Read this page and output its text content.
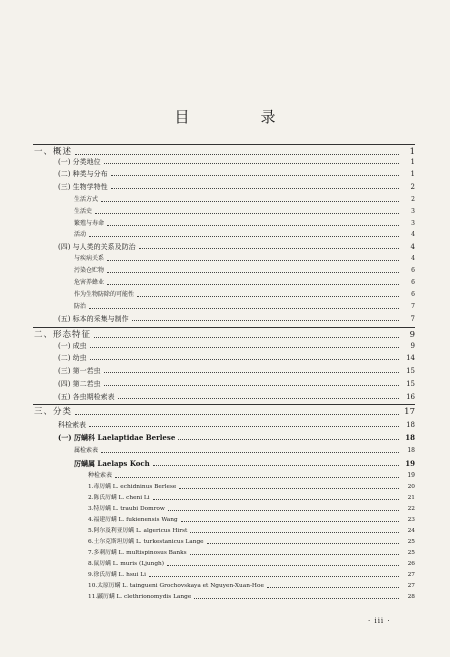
目　录
一、概述	1
(一) 分类地位	1
(二) 种类与分布	1
(三) 生物学特性	2
生活方式	2
生活史	3
繁殖与寿命	3
活动	4
(四) 与人类的关系及防治	4
与疾病关系	4
污染仓贮物	6
危害养蜂业	6
作为生物防除的可能性	6
防治	7
(五) 标本的采集与制作	7
二、形态特征	9
(一) 成虫	9
(二) 幼虫	14
(三) 第一若虫	15
(四) 第二若虫	15
(五) 各虫期检索表	16
三、分类	17
科检索表	18
(一) 厉螨科 Laelaptidae Berlese	18
属检索表	18
厉螨属 Laelaps Koch	19
种检索表	19
1.毒厉螨 L. echidninus Berlese	20
2.陈氏厉螨 L. cheni Li	21
3.特厉螨 L. traubi Domrow	22
4.福建厉螨 L. fukienensis Wang	23
5.阿尔及利亚厉螨 L. algericus Hirst	24
6.土尔克斯坦厉螨 L. turkestanicus Lange	25
7.多刺厉螨 L. multispinosus Banks	25
8.鼠厉螨 L. muris (Ljungh)	26
9.徐氏厉螨 L. hsui Li	27
10.太原厉螨 L. taingueni Grochovskaya et Nguyen-Xuan-Hoe	27
11.鼷厉螨 L. clethrionomydis Lange	28
· iii ·
